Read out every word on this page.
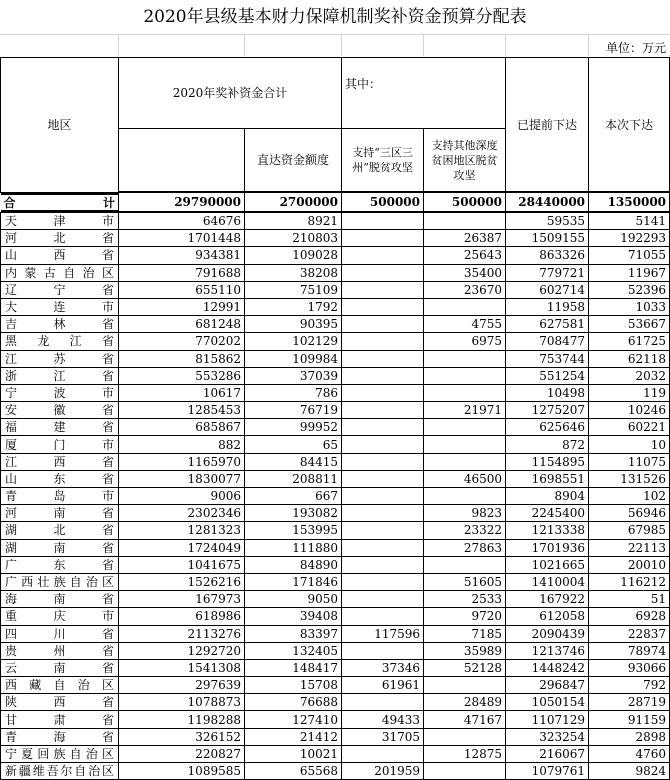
2020年县级基本财力保障机制奖补资金预算分配表
单位：万元
地区	2020年奖补资金合计		其中：		已提前下达	本次下达
		直达资金额度	支持“三区三州”脱贫攻坚	支持其他深度贫困地区脱贫攻坚		

合	计	29790000	2700000	500000	500000	28440000	1350000
天津市	64676	8921			59535	5141
河北省	1701448	210803		26387	1509155	192293
山西省	934381	109028		25643	863326	71055
内蒙古自治区	791688	38208		35400	779721	11967
辽宁省	655110	75109		23670	602714	52396
大连市	12991	1792			11958	1033
吉林省	681248	90395		4755	627581	53667
黑龙江省	770202	102129		6975	708477	61725
江苏省	815862	109984			753744	62118
浙江省	553286	37039			551254	2032
宁波市	10617	786			10498	119
安徽省	1285453	76719		21971	1275207	10246
福建省	685867	99952			625646	60221
厦门市	882	65			872	10
江西省	1165970	84415			1154895	11075
山东省	1830077	208811		46500	1698551	131526
青岛市	9006	667			8904	102
河南省	2302346	193082		9823	2245400	56946
湖北省	1281323	153995		23322	1213338	67985
湖南省	1724049	111880		27863	1701936	22113
广东省	1041675	84890			1021665	20010
广西壮族自治区	1526216	171846		51605	1410004	116212
海南省	167973	9050		2533	167922	51
重庆市	618986	39408		9720	612058	6928
四川省	2113276	83397	117596	7185	2090439	22837
贵州省	1292720	132405		35989	1213746	78974
云南省	1541308	148417	37346	52128	1448242	93066
西藏自治区	297639	15708	61961		296847	792
陕西省	1078873	76688		28489	1050154	28719
甘肃省	1198288	127410	49433	47167	1107129	91159
青海省	326152	21412	31705		323254	2898
宁夏回族自治区	220827	10021		12875	216067	4760
新疆维吾尔自治区	1089585	65568	201959		1079761	9824
